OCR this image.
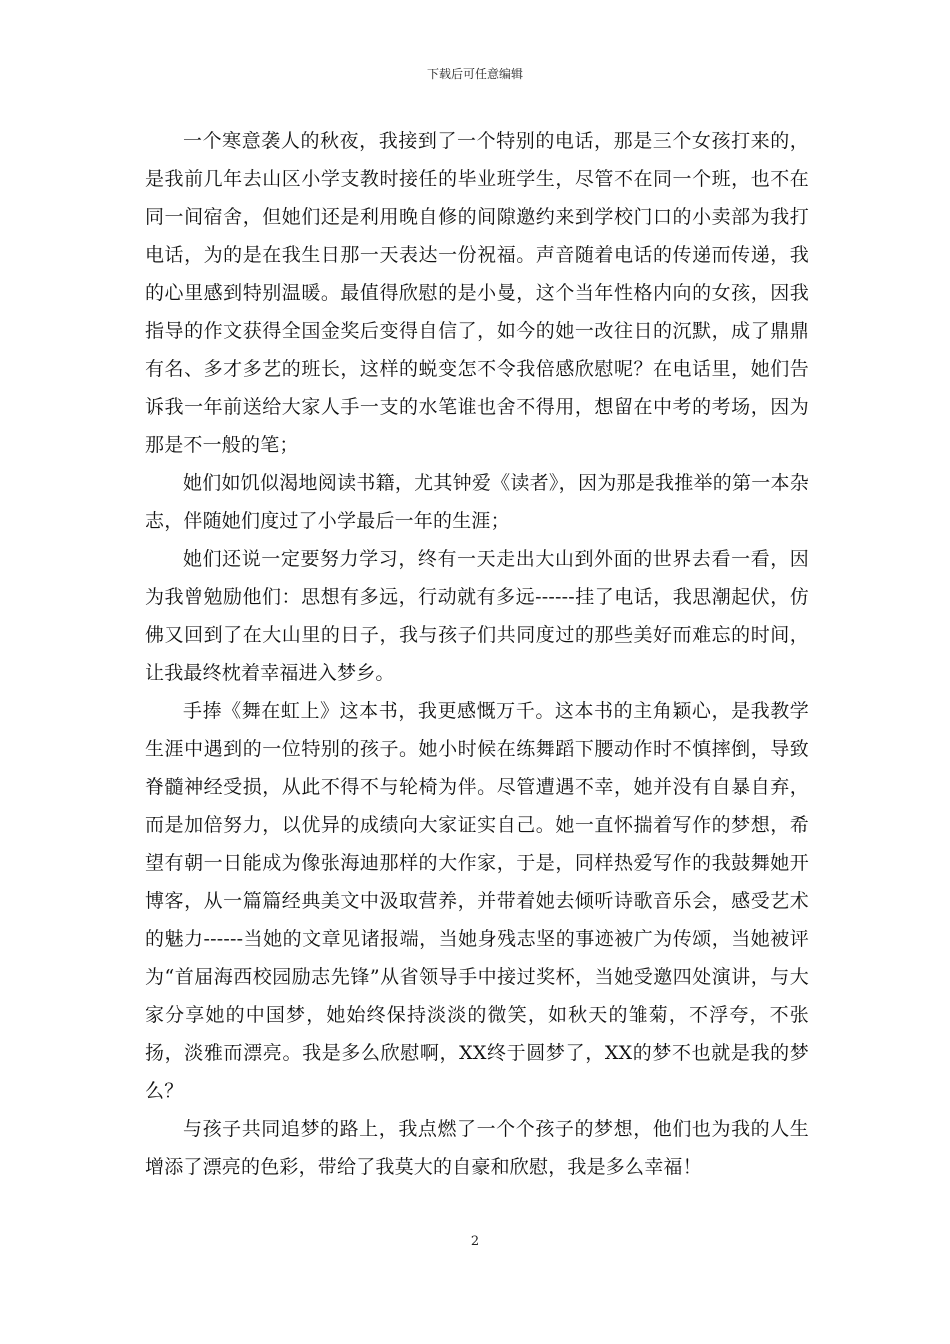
下载后可任意编辑

一个寒意袭人的秋夜，我接到了一个特别的电话，那是三个女孩打来的，是我前几年去山区小学支教时接任的毕业班学生，尽管不在同一个班，也不在同一间宿舍，但她们还是利用晚自修的间隙邀约来到学校门口的小卖部为我打电话，为的是在我生日那一天表达一份祝福。声音随着电话的传递而传递，我的心里感到特别温暖。最值得欣慰的是小曼，这个当年性格内向的女孩，因我指导的作文获得全国金奖后变得自信了，如今的她一改往日的沉默，成了鼎鼎有名、多才多艺的班长，这样的蜕变怎不令我倍感欣慰呢？在电话里，她们告诉我一年前送给大家人手一支的水笔谁也舍不得用，想留在中考的考场，因为那是不一般的笔；

她们如饥似渴地阅读书籍，尤其钟爱《读者》，因为那是我推举的第一本杂志，伴随她们度过了小学最后一年的生涯；

她们还说一定要努力学习，终有一天走出大山到外面的世界去看一看，因为我曾勉励他们：思想有多远，行动就有多远------挂了电话，我思潮起伏，仿佛又回到了在大山里的日子，我与孩子们共同度过的那些美好而难忘的时间，让我最终枕着幸福进入梦乡。

手捧《舞在虹上》这本书，我更感慨万千。这本书的主角颖心，是我教学生涯中遇到的一位特别的孩子。她小时候在练舞蹈下腰动作时不慎摔倒，导致脊髓神经受损，从此不得不与轮椅为伴。尽管遭遇不幸，她并没有自暴自弃，而是加倍努力，以优异的成绩向大家证实自己。她一直怀揣着写作的梦想，希望有朝一日能成为像张海迪那样的大作家，于是，同样热爱写作的我鼓舞她开博客，从一篇篇经典美文中汲取营养，并带着她去倾听诗歌音乐会，感受艺术的魅力------当她的文章见诸报端，当她身残志坚的事迹被广为传颂，当她被评为“首届海西校园励志先锋”从省领导手中接过奖杯，当她受邀四处演讲，与大家分享她的中国梦，她始终保持淡淡的微笑，如秋天的雏菊，不浮夸，不张扬，淡雅而漂亮。我是多么欣慰啊，XX终于圆梦了，XX的梦不也就是我的梦么？

与孩子共同追梦的路上，我点燃了一个个孩子的梦想，他们也为我的人生增添了漂亮的色彩，带给了我莫大的自豪和欣慰，我是多么幸福！

2
